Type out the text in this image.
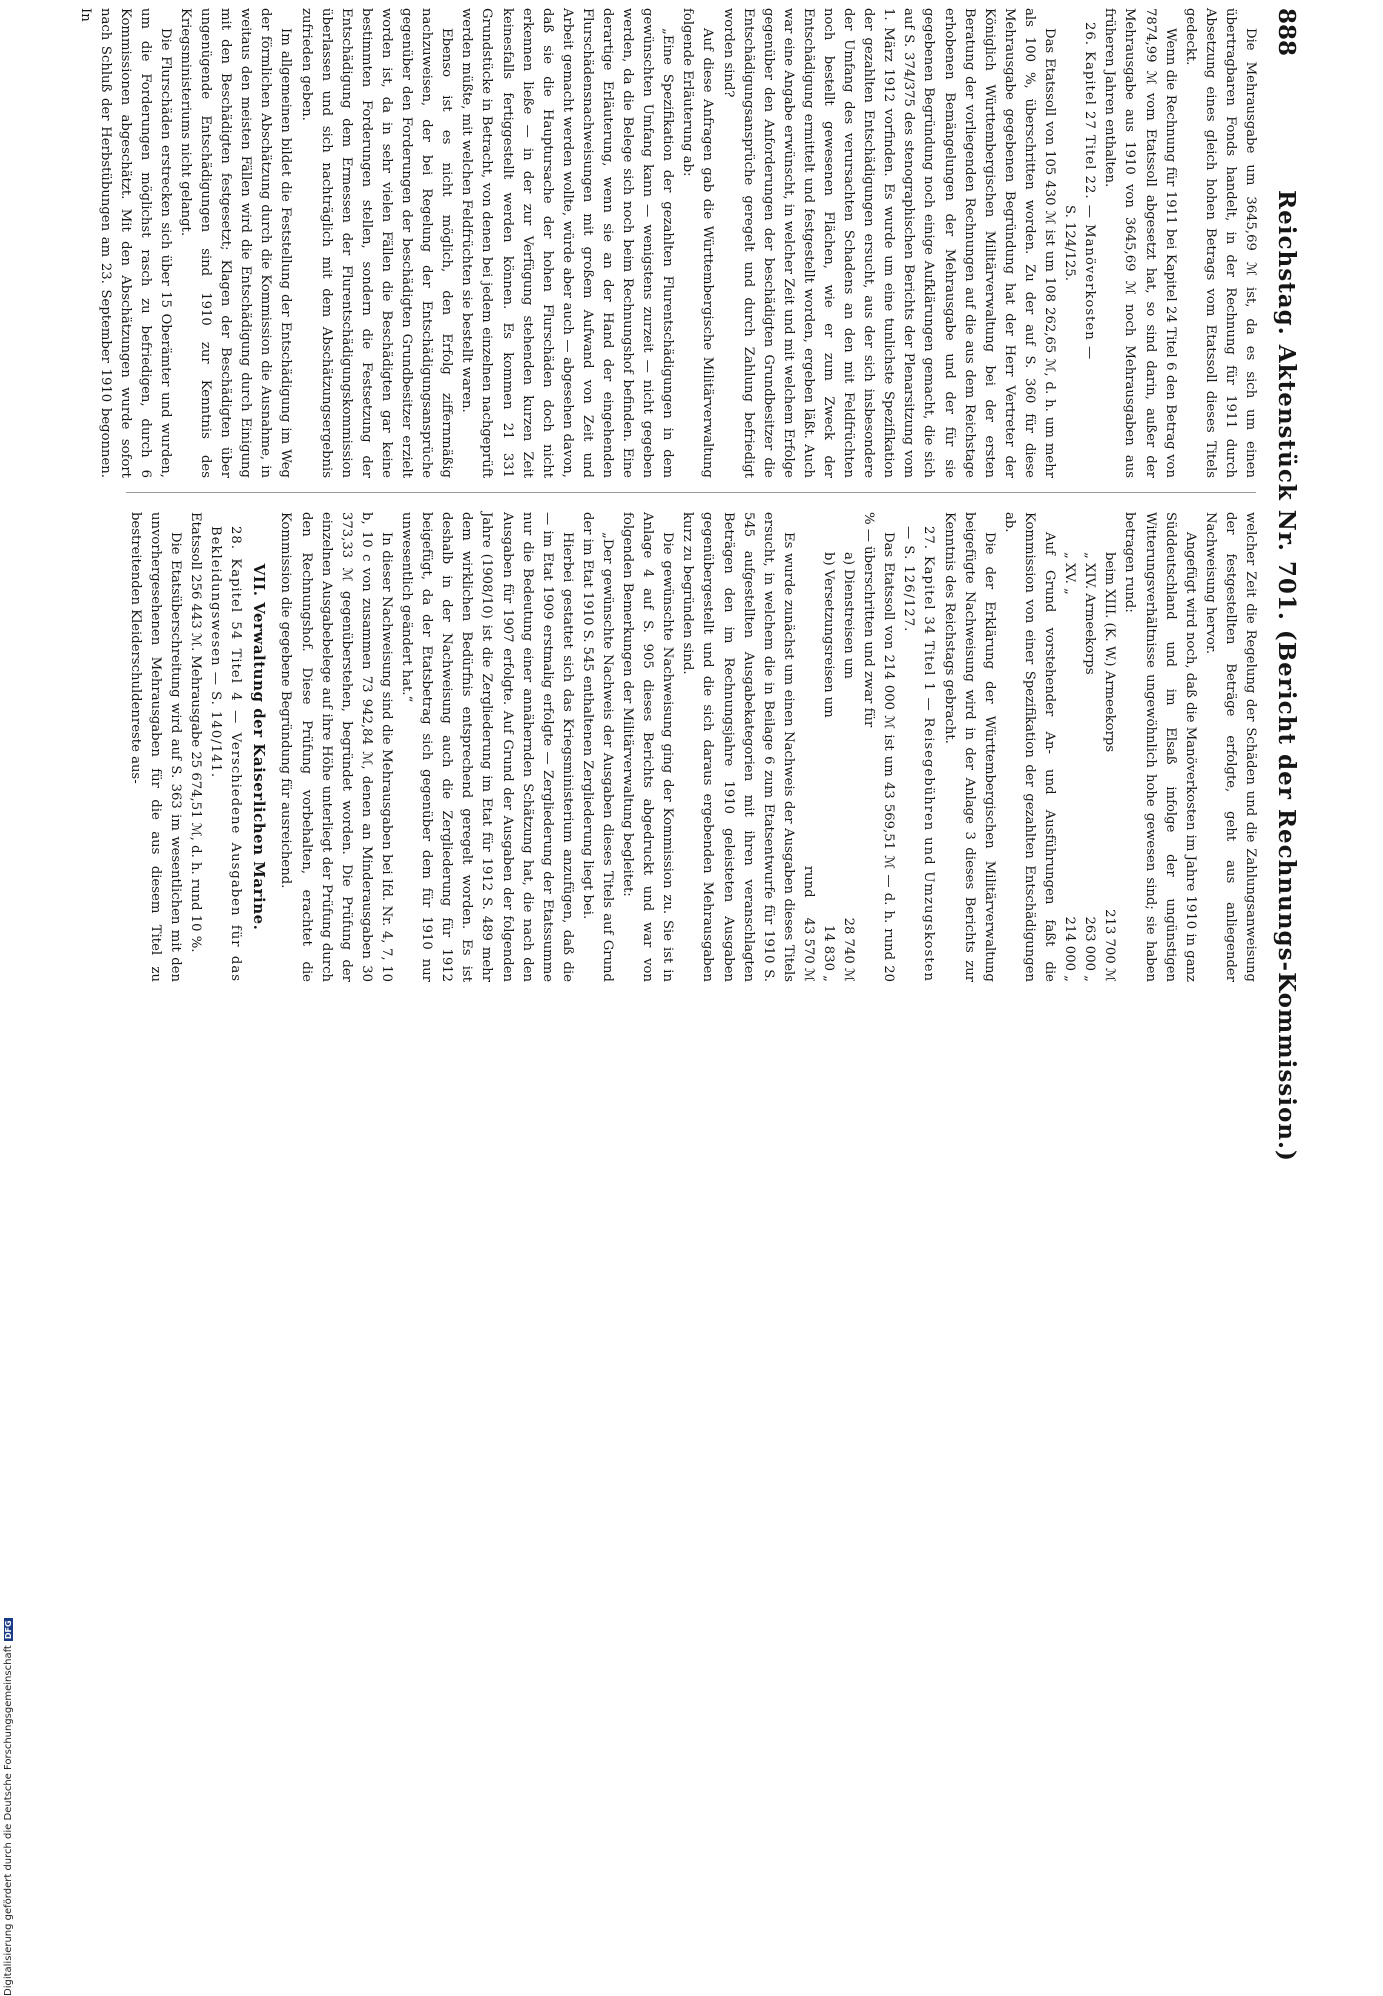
888
Reichstag. Aktenstück Nr. 701. (Bericht der Rechnungs-Kommission.)

Die Mehrausgabe um 3645,69 ℳ ist, da es sich um einen übertragbaren Fonds handelt, in der Rechnung für 1911 durch Absetzung eines gleich hohen Betrags vom Etatssoll dieses Titels gedeckt.

Wenn die Rechnung für 1911 bei Kapitel 24 Titel 6 den Betrag von 7874,99 ℳ vom Etatssoll abgesetzt hat, so sind darin, außer der Mehrausgabe aus 1910 von 3645,69 ℳ noch Mehrausgaben aus früheren Jahren enthalten.

26. Kapitel 27 Titel 22. — Manöverkosten —

S. 124/125.

Das Etatssoll von 105 430 ℳ ist um 108 262,65 ℳ, d. h. um mehr als 100 %, überschritten worden. Zu der auf S. 360 für diese Mehrausgabe gegebenen Begründung hat der Herr Vertreter der Königlich Württembergischen Militärverwaltung bei der ersten Beratung der vorliegenden Rechnungen auf die aus dem Reichstage erhobenen Bemängelungen der Mehrausgabe und der für sie gegebenen Begründung noch einige Aufklärungen gemacht, die sich auf S. 374/375 des stenographischen Berichts der Plenarsitzung vom 1. März 1912 vorfinden. Es wurde um eine tunlichste Spezifikation der gezahlten Entschädigungen ersucht, aus der sich insbesondere der Umfang des verursachten Schadens an den mit Feldfrüchten noch bestellt gewesenen Flächen, wie er zum Zweck der Entschädigung ermittelt und festgestellt worden, ergeben läßt. Auch war eine Angabe erwünscht, in welcher Zeit und mit welchem Erfolge gegenüber den Anforderungen der beschädigten Grundbesitzer die Entschädigungsansprüche geregelt und durch Zahlung befriedigt worden sind?

Auf diese Anfragen gab die Württembergische Militärverwaltung folgende Erläuterung ab:

„Eine Spezifikation der gezahlten Flurentschädigungen in dem gewünschten Umfang kann — wenigstens zurzeit — nicht gegeben werden, da die Belege sich noch beim Rechnungshof befinden. Eine derartige Erläuterung, wenn sie an der Hand der eingehenden Flurschädensnachweisungen mit großem Aufwand von Zeit und Arbeit gemacht werden wollte, würde aber auch — abgesehen davon, daß sie die Hauptursache der hohen Flurschäden doch nicht erkennen ließe — in der zur Verfügung stehenden kurzen Zeit keinesfalls fertiggestellt werden können. Es kommen 21 331 Grundstücke in Betracht, von denen bei jedem einzelnen nachgeprüft werden müßte, mit welchen Feldfrüchten sie bestellt waren.

Ebenso ist es nicht möglich, den Erfolg ziffernmäßig nachzuweisen, der bei Regelung der Entschädigungsansprüche gegenüber den Forderungen der beschädigten Grundbesitzer erzielt worden ist, da in sehr vielen Fällen die Beschädigten gar keine bestimmten Forderungen stellen, sondern die Festsetzung der Entschädigung dem Ermessen der Flurentschädigungskommission überlassen und sich nachträglich mit dem Abschätzungsergebnis zufrieden geben.

Im allgemeinen bildet die Feststellung der Entschädigung im Weg der förmlichen Abschätzung durch die Kommission die Ausnahme, in weitaus den meisten Fällen wird die Entschädigung durch Einigung mit den Beschädigten festgesetzt; Klagen der Beschädigten über ungenügende Entschädigungen sind 1910 zur Kenntnis des Kriegsministeriums nicht gelangt.

Die Flurschäden erstrecken sich über 15 Oberämter und wurden, um die Forderungen möglichst rasch zu befriedigen, durch 6 Kommissionen abgeschätzt. Mit den Abschätzungen wurde sofort nach Schluß der Herbstübungen am 23. September 1910 begonnen. In

welcher Zeit die Regelung der Schäden und die Zahlungsanweisung der festgestellten Beträge erfolgte, geht aus anliegender Nachweisung hervor.

Angefügt wird noch, daß die Manöverkosten im Jahre 1910 in ganz Süddeutschland und im Elsaß infolge der ungünstigen Witterungsverhältnisse ungewöhnlich hohe gewesen sind; sie haben betragen rund:

beim XIII. (K. W.) Armeekorps
213 700 ℳ
„ XIV. Armeekorps
263 000 „
„ XV. „
214 000 „

Auf Grund vorstehender An- und Ausführungen faßt die Kommission von einer Spezifikation der gezahlten Entschädigungen ab.

Die der Erklärung der Württembergischen Militärverwaltung beigefügte Nachweisung wird in der Anlage 3 dieses Berichts zur Kenntnis des Reichstags gebracht.

27. Kapitel 34 Titel 1 — Reisegebühren und Umzugskosten — S. 126/127.

Das Etatssoll von 214 000 ℳ ist um 43 569,51 ℳ — d. h. rund 20 % — überschritten und zwar für

a) Dienstreisen um
28 740 ℳ
b) Versetzungsreisen um
14 830 „
rund
43 570 ℳ

Es wurde zunächst um einen Nachweis der Ausgaben dieses Titels ersucht, in welchem die in Beilage 6 zum Etatsentwurfe für 1910 S. 545 aufgestellten Ausgabekategorien mit ihren veranschlagten Beträgen den im Rechnungsjahre 1910 geleisteten Ausgaben gegenübergestellt und die sich daraus ergebenden Mehrausgaben kurz zu begründen sind.

Die gewünschte Nachweisung ging der Kommission zu. Sie ist in Anlage 4 auf S. 905 dieses Berichts abgedruckt und war von folgenden Bemerkungen der Militärverwaltung begleitet:

„Der gewünschte Nachweis der Ausgaben dieses Titels auf Grund der im Etat 1910 S. 545 enthaltenen Zergliederung liegt bei.

Hierbei gestattet sich das Kriegsministerium anzufügen, daß die — im Etat 1909 erstmalig erfolgte — Zergliederung der Etatssumme nur die Bedeutung einer annähernden Schätzung hat, die nach den Ausgaben für 1907 erfolgte. Auf Grund der Ausgaben der folgenden Jahre (1908/10) ist die Zergliederung im Etat für 1912 S. 489 mehr dem wirklichen Bedürfnis entsprechend geregelt worden. Es ist deshalb in der Nachweisung auch die Zergliederung für 1912 beigefügt, da der Etatsbetrag sich gegenüber dem für 1910 nur unwesentlich geändert hat.“

In dieser Nachweisung sind die Mehrausgaben bei lfd. Nr. 4, 7, 10 b, 10 c von zusammen 73 942,84 ℳ, denen an Minderausgaben 30 373,33 ℳ gegenüberstehen, begründet worden. Die Prüfung der einzelnen Ausgabebelege auf ihre Höhe unterliegt der Prüfung durch den Rechnungshof. Diese Prüfung vorbehalten, erachtet die Kommission die gegebene Begründung für ausreichend.

VII. Verwaltung der Kaiserlichen Marine.

28. Kapitel 54 Titel 4 — Verschiedene Ausgaben für das Bekleidungswesen — S. 140/141.

Etatssoll 256 443 ℳ. Mehrausgabe 25 674,51 ℳ, d. h. rund 10 %.

Die Etatsüberschreitung wird auf S. 363 im wesentlichen mit den unvorhergesehenen Mehrausgaben für die aus diesem Titel zu bestreitenden Kleiderschuldenreste aus-

Digitalisierung gefördert durch die Deutsche ForschungsgemeinschaftDFG
